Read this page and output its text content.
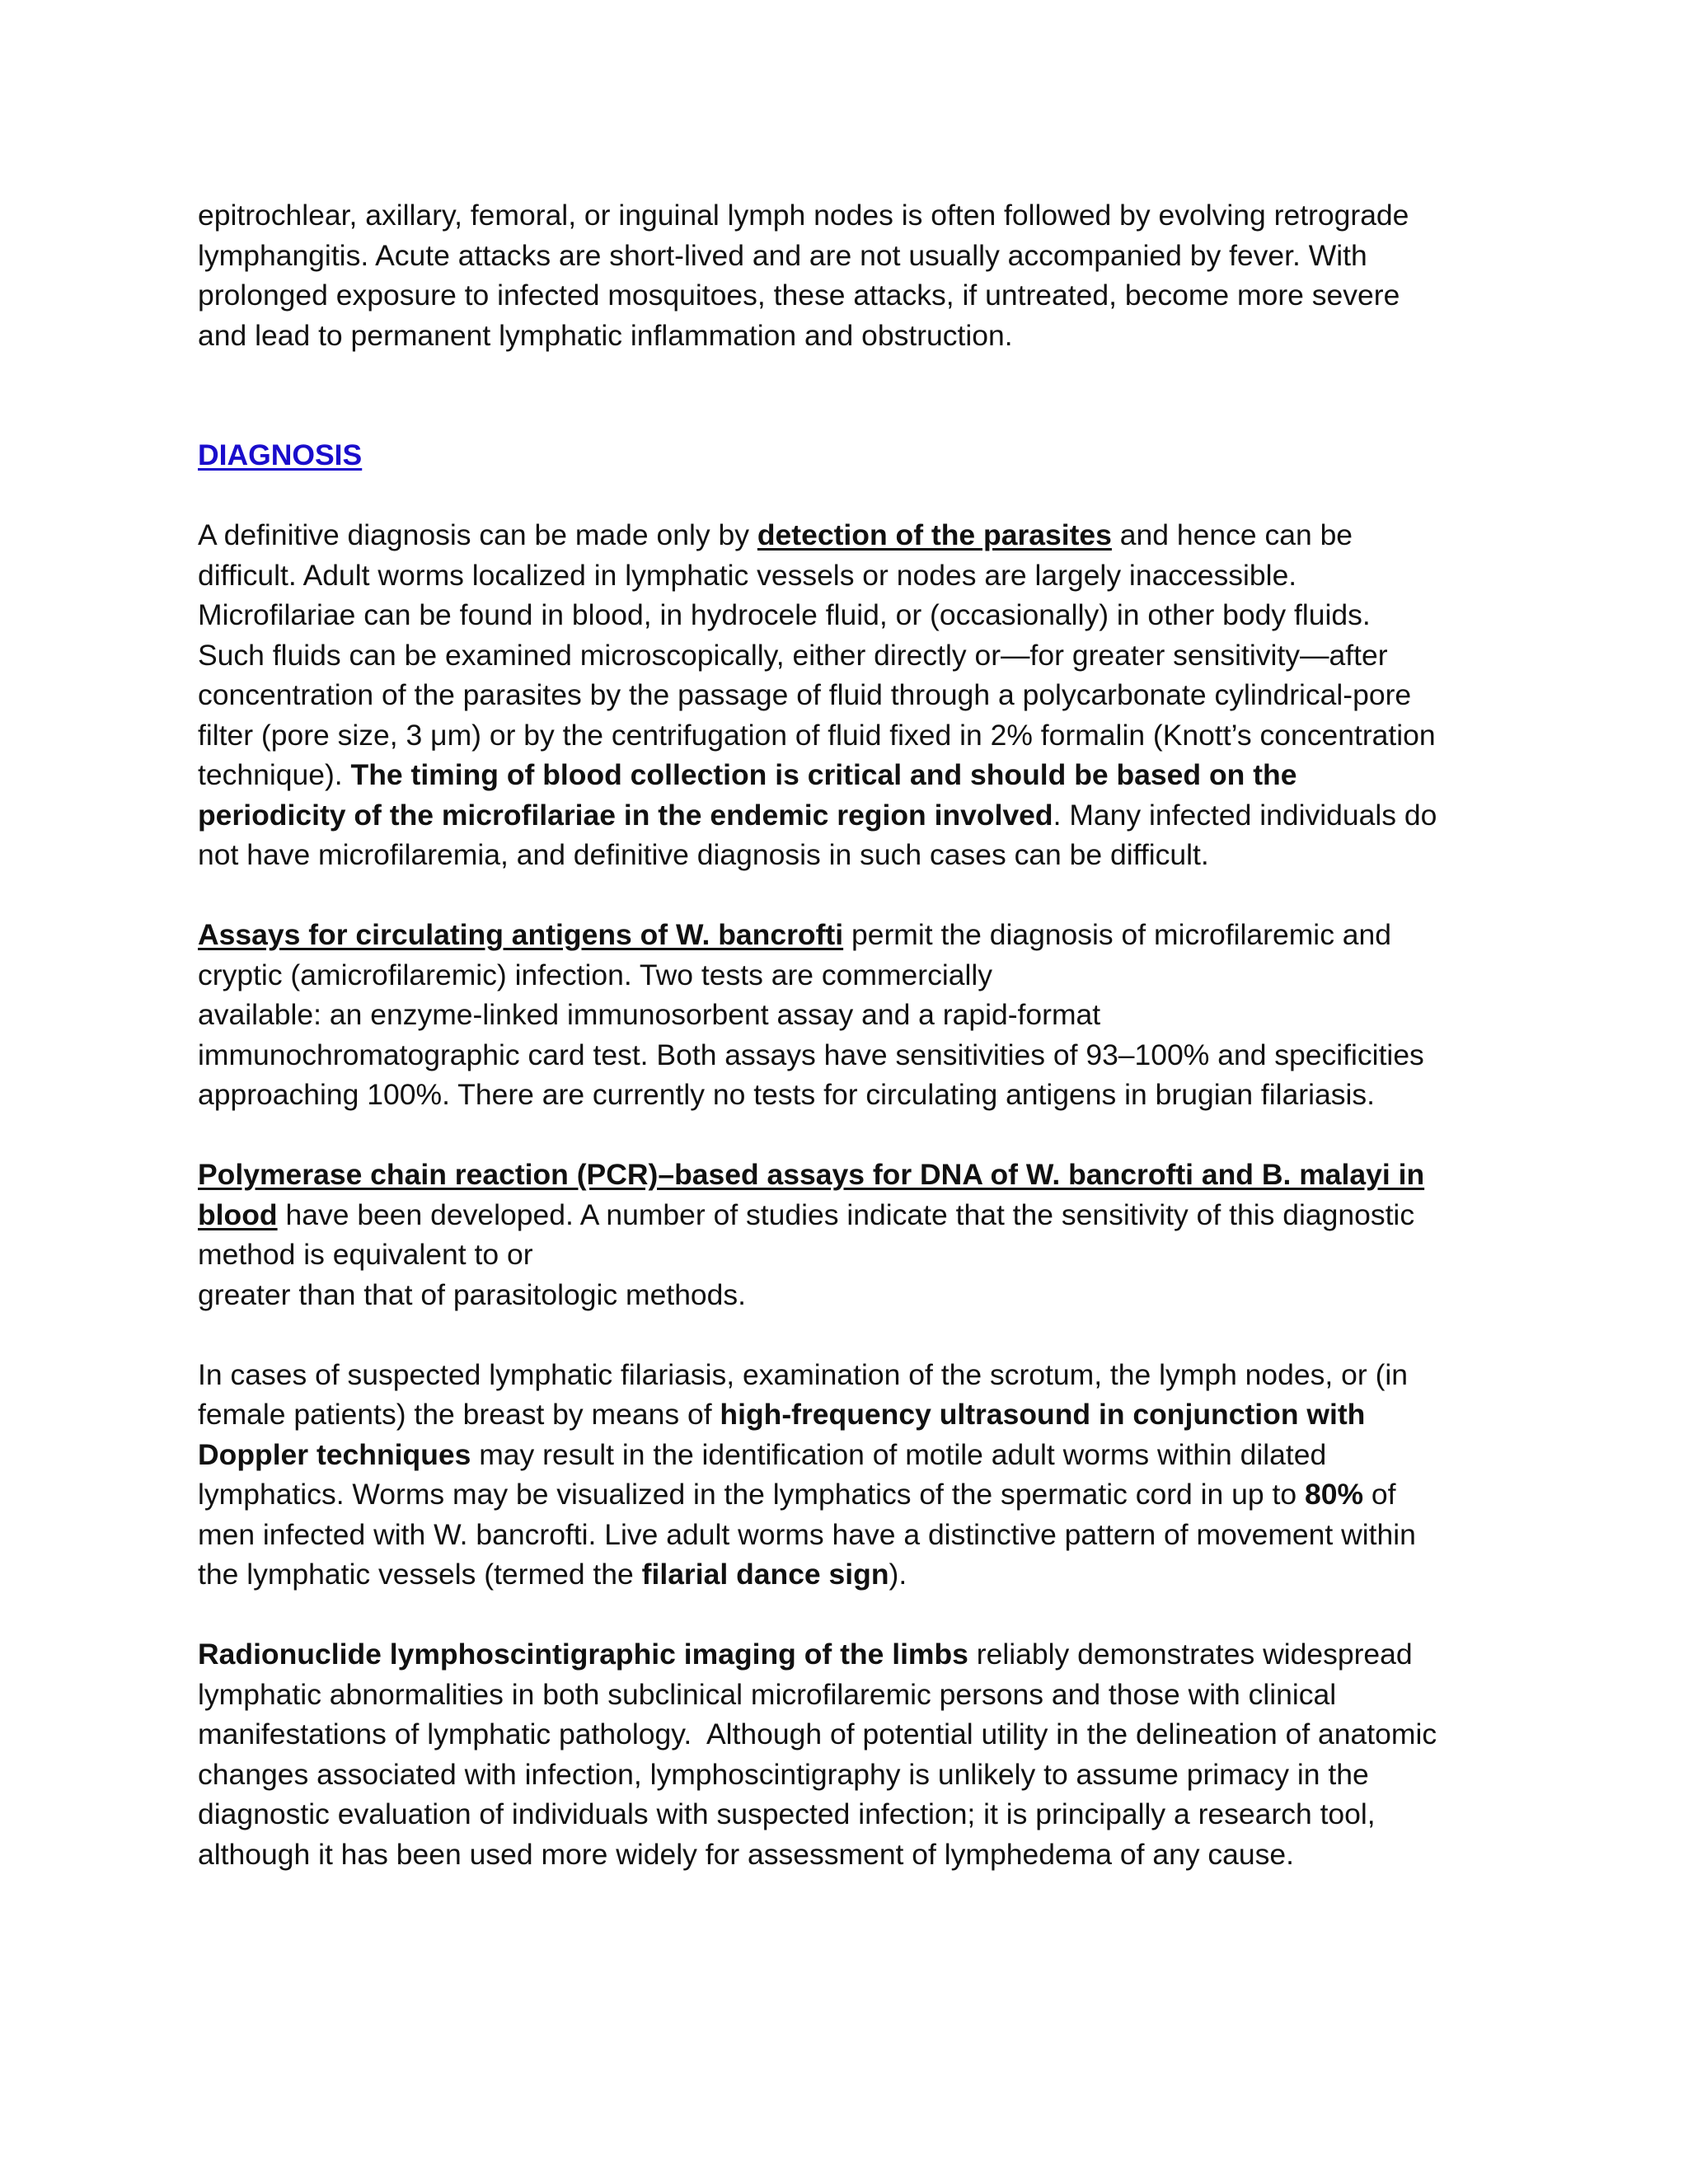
epitrochlear, axillary, femoral, or inguinal lymph nodes is often followed by evolving retrograde
lymphangitis. Acute attacks are short-lived and are not usually accompanied by fever. With
prolonged exposure to infected mosquitoes, these attacks, if untreated, become more severe
and lead to permanent lymphatic inflammation and obstruction.

DIAGNOSIS

A definitive diagnosis can be made only by detection of the parasites and hence can be
difficult. Adult worms localized in lymphatic vessels or nodes are largely inaccessible.
Microfilariae can be found in blood, in hydrocele fluid, or (occasionally) in other body fluids.
Such fluids can be examined microscopically, either directly or—for greater sensitivity—after
concentration of the parasites by the passage of fluid through a polycarbonate cylindrical-pore
filter (pore size, 3 μm) or by the centrifugation of fluid fixed in 2% formalin (Knott’s concentration
technique). The timing of blood collection is critical and should be based on the
periodicity of the microfilariae in the endemic region involved. Many infected individuals do
not have microfilaremia, and definitive diagnosis in such cases can be difficult.

Assays for circulating antigens of W. bancrofti permit the diagnosis of microfilaremic and
cryptic (amicrofilaremic) infection. Two tests are commercially
available: an enzyme-linked immunosorbent assay and a rapid-format
immunochromatographic card test. Both assays have sensitivities of 93–100% and specificities
approaching 100%. There are currently no tests for circulating antigens in brugian filariasis.

Polymerase chain reaction (PCR)–based assays for DNA of W. bancrofti and B. malayi in
blood have been developed. A number of studies indicate that the sensitivity of this diagnostic
method is equivalent to or
greater than that of parasitologic methods.

In cases of suspected lymphatic filariasis, examination of the scrotum, the lymph nodes, or (in
female patients) the breast by means of high-frequency ultrasound in conjunction with
Doppler techniques may result in the identification of motile adult worms within dilated
lymphatics. Worms may be visualized in the lymphatics of the spermatic cord in up to 80% of
men infected with W. bancrofti. Live adult worms have a distinctive pattern of movement within
the lymphatic vessels (termed the filarial dance sign).

Radionuclide lymphoscintigraphic imaging of the limbs reliably demonstrates widespread
lymphatic abnormalities in both subclinical microfilaremic persons and those with clinical
manifestations of lymphatic pathology.  Although of potential utility in the delineation of anatomic
changes associated with infection, lymphoscintigraphy is unlikely to assume primacy in the
diagnostic evaluation of individuals with suspected infection; it is principally a research tool,
although it has been used more widely for assessment of lymphedema of any cause.
